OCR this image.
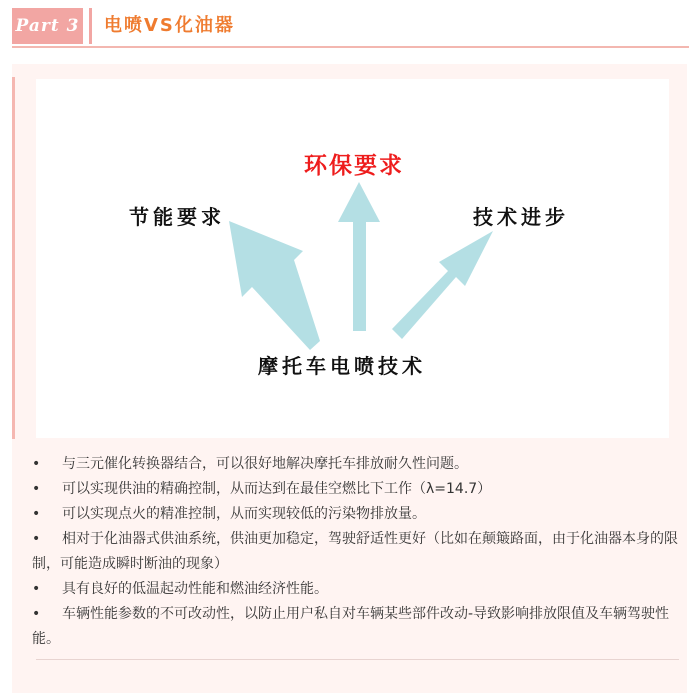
Part 3 电喷VS化油器
环保要求
节能要求	技术进步
摩托车电喷技术
• 与三元催化转换器结合，可以很好地解决摩托车排放耐久性问题。
• 可以实现供油的精确控制，从而达到在最佳空燃比下工作（λ=14.7）
• 可以实现点火的精准控制，从而实现较低的污染物排放量。
• 相对于化油器式供油系统，供油更加稳定，驾驶舒适性更好（比如在颠簸路面，由于化油器本身的限制，可能造成瞬时断油的现象）
• 具有良好的低温起动性能和燃油经济性能。
• 车辆性能参数的不可改动性，以防止用户私自对车辆某些部件改动-导致影响排放限值及车辆驾驶性能。
